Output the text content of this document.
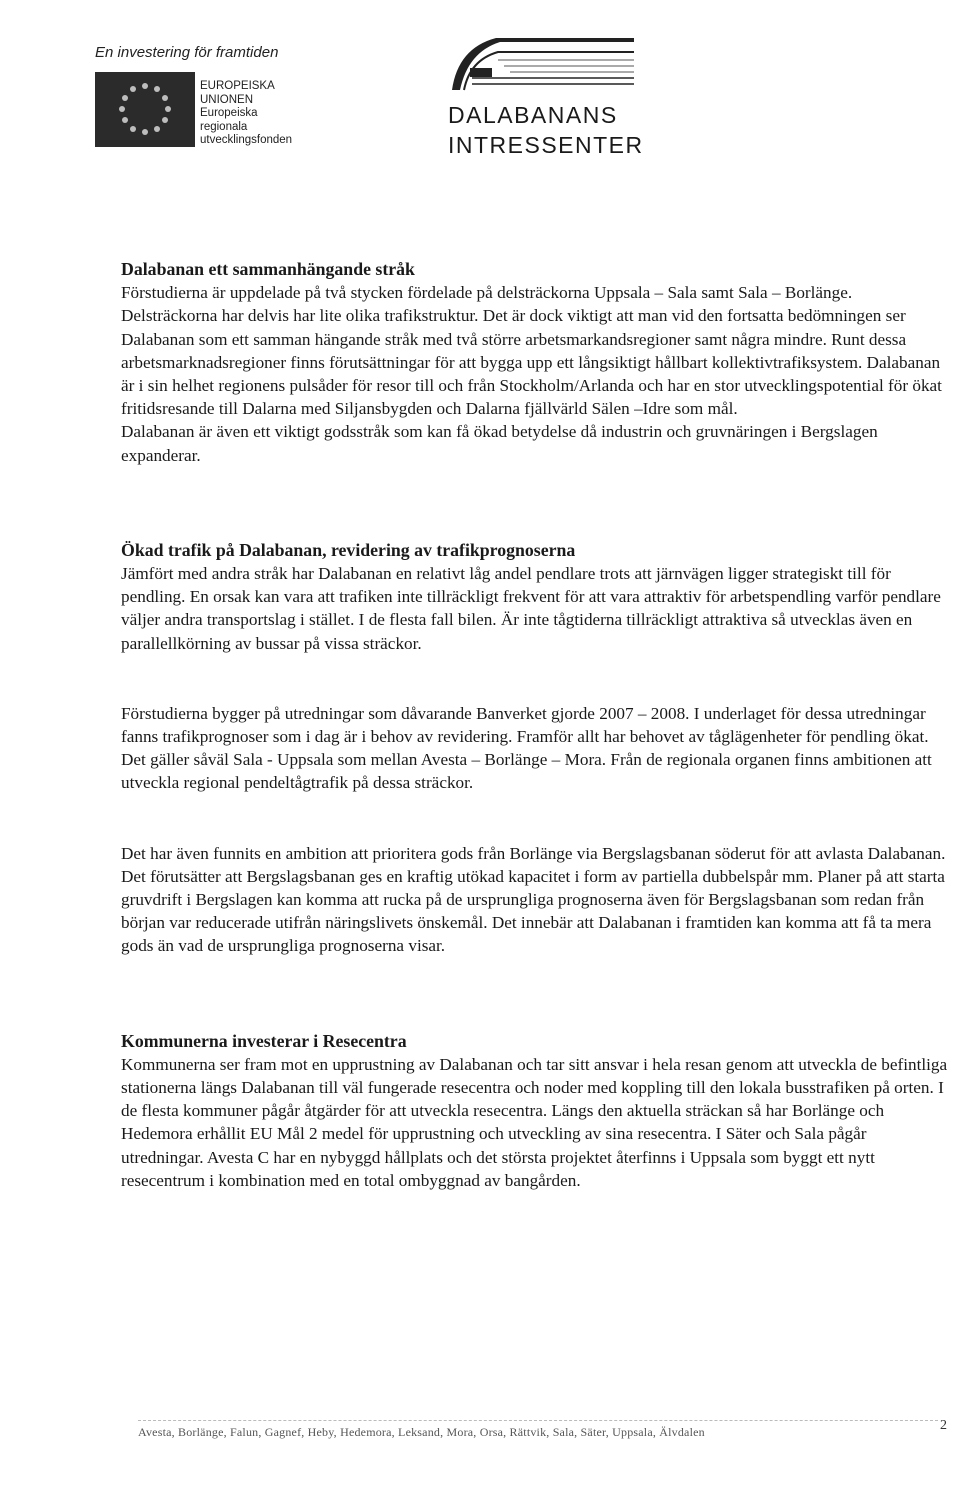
En investering för framtiden
EUROPEISKA
UNIONEN
Europeiska
regionala
utvecklingsfonden
DALABANANS
INTRESSENTER
Dalabanan ett sammanhängande stråk

Förstudierna är uppdelade på två stycken fördelade på delsträckorna Uppsala – Sala samt Sala – Borlänge. Delsträckorna har delvis har lite olika trafikstruktur. Det är dock viktigt att man vid den fortsatta bedömningen ser Dalabanan som ett samman hängande stråk med två större arbetsmarkandsregioner samt några mindre. Runt dessa arbetsmarknadsregioner finns förutsättningar för att bygga upp ett långsiktigt hållbart kollektivtrafiksystem. Dalabanan är i sin helhet regionens pulsåder för resor till och från Stockholm/Arlanda och har en stor utvecklingspotential för ökat fritidsresande till Dalarna med Siljansbygden och Dalarna fjällvärld Sälen –Idre som mål.

Dalabanan är även ett viktigt godsstråk som kan få ökad betydelse då industrin och gruvnäringen i Bergslagen expanderar.

Ökad trafik på Dalabanan, revidering av trafikprognoserna

Jämfört med andra stråk har Dalabanan en relativt låg andel pendlare trots att järnvägen ligger strategiskt till för pendling. En orsak kan vara att trafiken inte tillräckligt frekvent för att vara attraktiv för arbetspendling varför pendlare väljer andra transportslag i stället. I de flesta fall bilen. Är inte tågtiderna tillräckligt attraktiva så utvecklas även en parallellkörning av bussar på vissa sträckor.

Förstudierna bygger på utredningar som dåvarande Banverket gjorde 2007 – 2008. I underlaget för dessa utredningar fanns trafikprognoser som i dag är i behov av revidering. Framför allt har behovet av tåglägenheter för pendling ökat. Det gäller såväl Sala - Uppsala som mellan Avesta – Borlänge – Mora. Från de regionala organen finns ambitionen att utveckla regional pendeltågtrafik på dessa sträckor.

Det har även funnits en ambition att prioritera gods från Borlänge via Bergslagsbanan söderut för att avlasta Dalabanan. Det förutsätter att Bergslagsbanan ges en kraftig utökad kapacitet i form av partiella dubbelspår mm. Planer på att starta gruvdrift i Bergslagen kan komma att rucka på de ursprungliga prognoserna även för Bergslagsbanan som redan från början var reducerade utifrån näringslivets önskemål. Det innebär att Dalabanan i framtiden kan komma att få ta mera gods än vad de ursprungliga prognoserna visar.

Kommunerna investerar i Resecentra

Kommunerna ser fram mot en upprustning av Dalabanan och tar sitt ansvar i hela resan genom att utveckla de befintliga stationerna längs Dalabanan till väl fungerade resecentra och noder med koppling till den lokala busstrafiken på orten. I de flesta kommuner pågår åtgärder för att utveckla resecentra. Längs den aktuella sträckan så har Borlänge och Hedemora erhållit EU Mål 2 medel för upprustning och utveckling av sina resecentra. I Säter och Sala pågår utredningar. Avesta C har en nybyggd hållplats och det största projektet återfinns i Uppsala som byggt ett nytt resecentrum i kombination med en total ombyggnad av bangården.

Avesta, Borlänge, Falun, Gagnef, Heby, Hedemora, Leksand, Mora, Orsa, Rättvik, Sala, Säter, Uppsala, Älvdalen	2
